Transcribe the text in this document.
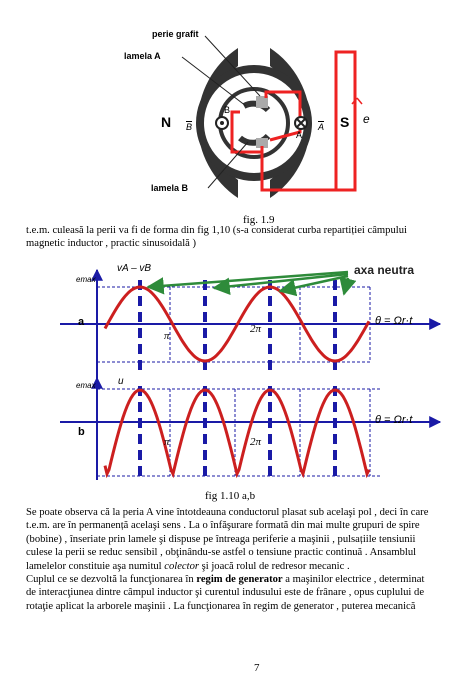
perie grafit
lamela A
lamela B
N	S
B
$\overline{B}$
A
$\overline{A}$
e
fig. 1.9
t.e.m. culeasă la perii va fi de forma din fig 1,10 (s-a considerat curba repartiției câmpului
magnetic inductor , practic sinusoidală )
emax
vA – vB	axa neutra
a
π
2π
θ = Ωr·t
emax u
b
π	2π
θ = Ωr·t
fig 1.10 a,b
Se poate observa că la peria A vine întotdeauna conductorul plasat sub acelaşi pol , deci în care
t.e.m. are în permanență acelaşi sens . La o înfăşurare formată din mai multe grupuri de spire
(bobine) , înseriate prin lamele şi dispuse pe întreaga periferie a maşinii , pulsațiile tensiunii
culese la perii se reduc sensibil , obţinându-se astfel o tensiune practic continuă . Ansamblul
lamelelor constituie aşa numitul colector şi joacă rolul de redresor mecanic .
Cuplul ce se dezvoltă la funcţionarea în regim de generator a maşinilor electrice , determinat
de interacţiunea dintre câmpul inductor şi curentul indusului este de frânare , opus cuplului de
rotaţie aplicat la arborele maşinii . La funcţionarea în regim de generator , puterea mecanică
7
